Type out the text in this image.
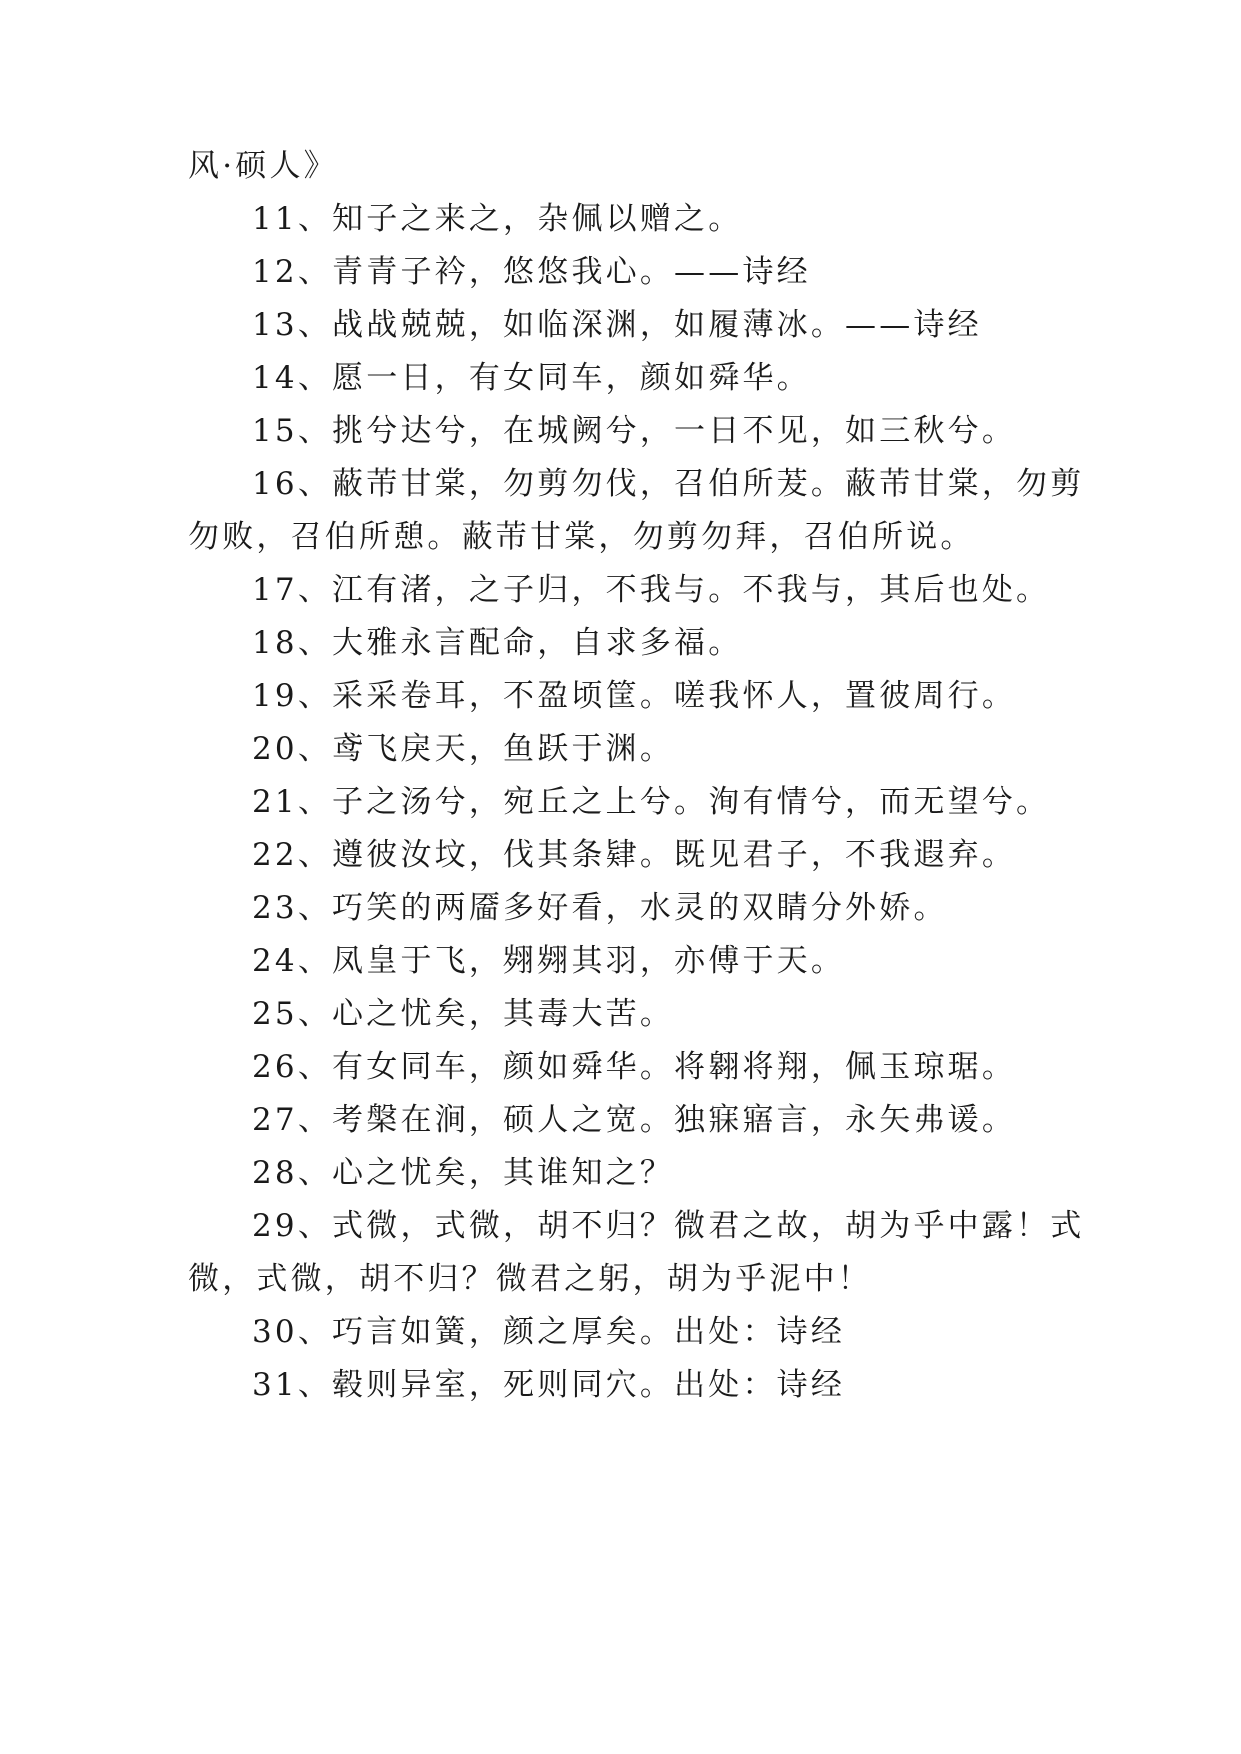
风·硕人》
11、知子之来之，杂佩以赠之。
12、青青子衿，悠悠我心。——诗经
13、战战兢兢，如临深渊，如履薄冰。——诗经
14、愿一日，有女同车，颜如舜华。
15、挑兮达兮，在城阙兮，一日不见，如三秋兮。
16、蔽芾甘棠，勿剪勿伐，召伯所茇。蔽芾甘棠，勿剪
勿败，召伯所憩。蔽芾甘棠，勿剪勿拜，召伯所说。
17、江有渚，之子归，不我与。不我与，其后也处。
18、大雅永言配命，自求多福。
19、采采卷耳，不盈顷筐。嗟我怀人，置彼周行。
20、鸢飞戾天，鱼跃于渊。
21、子之汤兮，宛丘之上兮。洵有情兮，而无望兮。
22、遵彼汝坟，伐其条肄。既见君子，不我遐弃。
23、巧笑的两靥多好看，水灵的双睛分外娇。
24、凤皇于飞，翙翙其羽，亦傅于天。
25、心之忧矣，其毒大苦。
26、有女同车，颜如舜华。将翱将翔，佩玉琼琚。
27、考槃在涧，硕人之宽。独寐寤言，永矢弗谖。
28、心之忧矣，其谁知之？
29、式微，式微，胡不归？微君之故，胡为乎中露！式
微，式微，胡不归？微君之躬，胡为乎泥中！
30、巧言如簧，颜之厚矣。出处：诗经
31、毂则异室，死则同穴。出处：诗经
